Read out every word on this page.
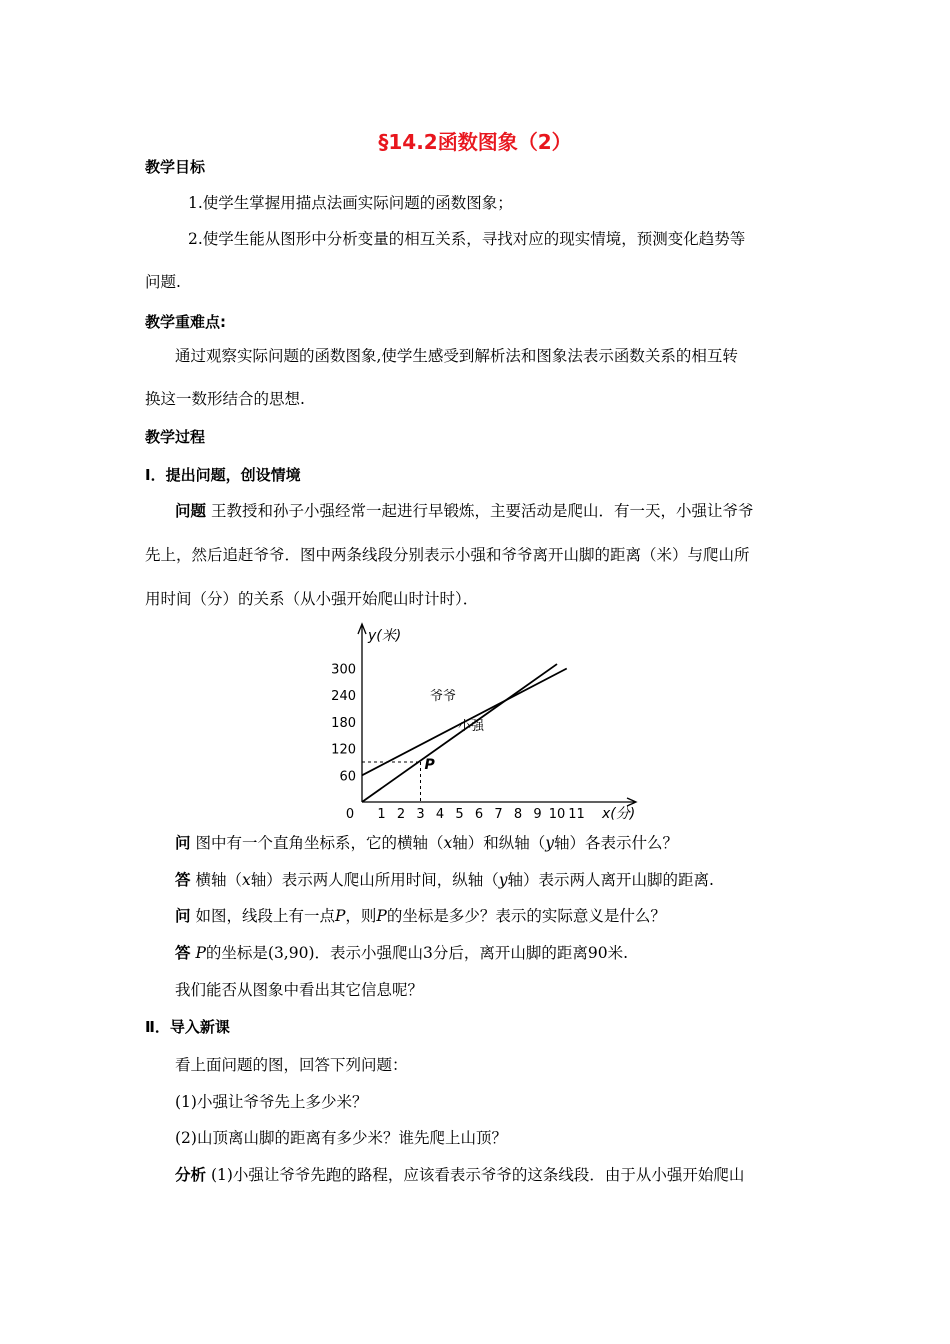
§14.2函数图象（2）
教学目标
1.使学生掌握用描点法画实际问题的函数图象；
2.使学生能从图形中分析变量的相互关系，寻找对应的现实情境，预测变化趋势等
问题.
教学重难点:
通过观察实际问题的函数图象,使学生感受到解析法和图象法表示函数关系的相互转
换这一数形结合的思想.
教学过程
Ⅰ．提出问题，创设情境
问题 王教授和孙子小强经常一起进行早锻炼，主要活动是爬山．有一天，小强让爷爷
先上，然后追赶爷爷．图中两条线段分别表示小强和爷爷离开山脚的距离（米）与爬山所
用时间（分）的关系（从小强开始爬山时计时）．
0 1 2 3 4 5 6 7 8 9 10 11
60
120
180
240
300
y(米)
x(分)
爷爷
小强
P
问 图中有一个直角坐标系，它的横轴（x轴）和纵轴（y轴）各表示什么？
答 横轴（x轴）表示两人爬山所用时间，纵轴（y轴）表示两人离开山脚的距离.
问 如图，线段上有一点P，则P的坐标是多少？表示的实际意义是什么？
答 P的坐标是(3,90)．表示小强爬山3分后，离开山脚的距离90米.
我们能否从图象中看出其它信息呢？
Ⅱ．导入新课
看上面问题的图，回答下列问题：
(1)小强让爷爷先上多少米？
(2)山顶离山脚的距离有多少米？谁先爬上山顶？
分析 (1)小强让爷爷先跑的路程，应该看表示爷爷的这条线段．由于从小强开始爬山
